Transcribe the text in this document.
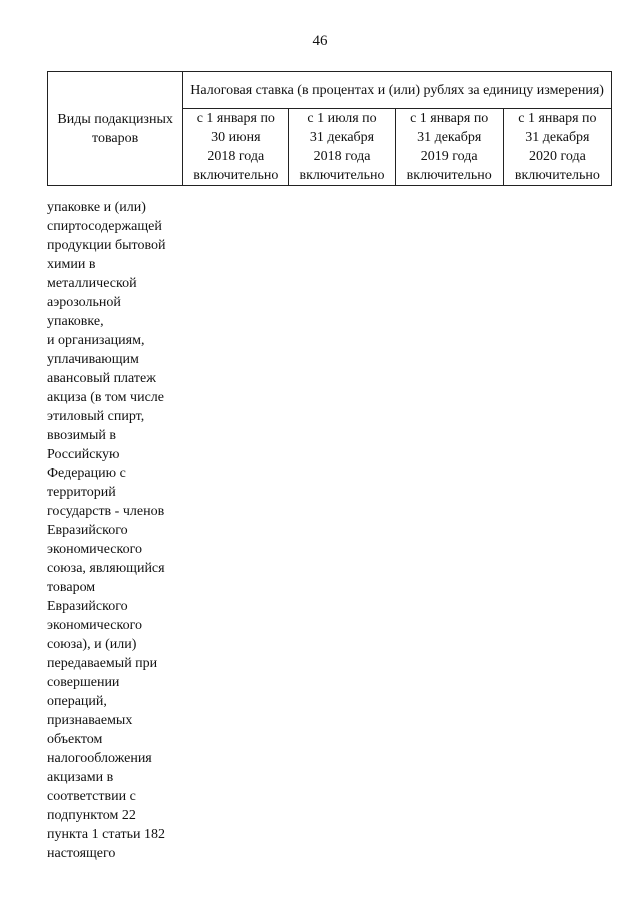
46
Виды подакцизных товаров	Налоговая ставка (в процентах и (или) рублях за единицу измерения)			

	с 1 января по
30 июня
2018 года
включительно	с 1 июля по
31 декабря
2018 года
включительно	с 1 января по
31 декабря
2019 года
включительно	с 1 января по
31 декабря
2020 года
включительно
упаковке и (или)
спиртосодержащей
продукции бытовой
химии в
металлической
аэрозольной
упаковке,
и организациям,
уплачивающим
авансовый платеж
акциза (в том числе
этиловый спирт,
ввозимый в
Российскую
Федерацию с
территорий
государств - членов
Евразийского
экономического
союза, являющийся
товаром
Евразийского
экономического
союза), и (или)
передаваемый при
совершении
операций,
признаваемых
объектом
налогообложения
акцизами в
соответствии с
подпунктом 22
пункта 1 статьи 182
настоящего
